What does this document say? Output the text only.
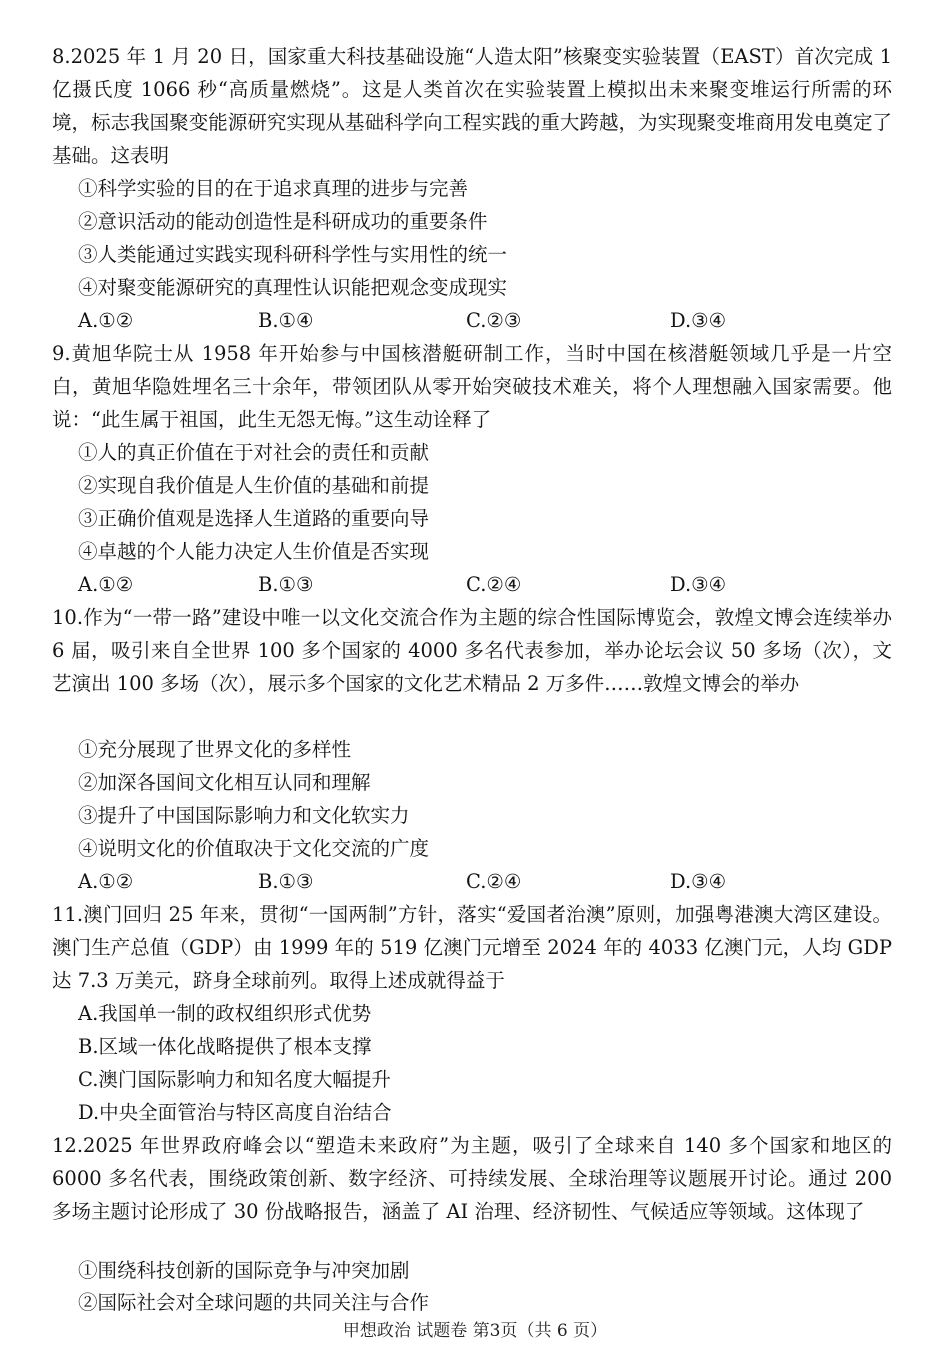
8.2025 年 1 月 20 日，国家重大科技基础设施“人造太阳”核聚变实验装置（EAST）首次完成 1 亿摄氏度 1066 秒“高质量燃烧”。这是人类首次在实验装置上模拟出未来聚变堆运行所需的环境，标志我国聚变能源研究实现从基础科学向工程实践的重大跨越，为实现聚变堆商用发电奠定了基础。这表明

①科学实验的目的在于追求真理的进步与完善

②意识活动的能动创造性是科研成功的重要条件

③人类能通过实践实现科研科学性与实用性的统一

④对聚变能源研究的真理性认识能把观念变成现实

A.①②	B.①④	C.②③	D.③④

9.黄旭华院士从 1958 年开始参与中国核潜艇研制工作，当时中国在核潜艇领域几乎是一片空白，黄旭华隐姓埋名三十余年，带领团队从零开始突破技术难关，将个人理想融入国家需要。他说：“此生属于祖国，此生无怨无悔。”这生动诠释了

①人的真正价值在于对社会的责任和贡献

②实现自我价值是人生价值的基础和前提

③正确价值观是选择人生道路的重要向导

④卓越的个人能力决定人生价值是否实现

A.①②	B.①③	C.②④	D.③④

10.作为“一带一路”建设中唯一以文化交流合作为主题的综合性国际博览会，敦煌文博会连续举办 6 届，吸引来自全世界 100 多个国家的 4000 多名代表参加，举办论坛会议 50 多场（次），文艺演出 100 多场（次），展示多个国家的文化艺术精品 2 万多件……敦煌文博会的举办

①充分展现了世界文化的多样性

②加深各国间文化相互认同和理解

③提升了中国国际影响力和文化软实力

④说明文化的价值取决于文化交流的广度

A.①②	B.①③	C.②④	D.③④

11.澳门回归 25 年来，贯彻“一国两制”方针，落实“爱国者治澳”原则，加强粤港澳大湾区建设。澳门生产总值（GDP）由 1999 年的 519 亿澳门元增至 2024 年的 4033 亿澳门元，人均 GDP 达 7.3 万美元，跻身全球前列。取得上述成就得益于

A.我国单一制的政权组织形式优势

B.区域一体化战略提供了根本支撑

C.澳门国际影响力和知名度大幅提升

D.中央全面管治与特区高度自治结合

12.2025 年世界政府峰会以“塑造未来政府”为主题，吸引了全球来自 140 多个国家和地区的 6000 多名代表，围绕政策创新、数字经济、可持续发展、全球治理等议题展开讨论。通过 200 多场主题讨论形成了 30 份战略报告，涵盖了 AI 治理、经济韧性、气候适应等领域。这体现了

①围绕科技创新的国际竞争与冲突加剧

②国际社会对全球问题的共同关注与合作

甲想政治 试题卷 第3页（共 6 页）
